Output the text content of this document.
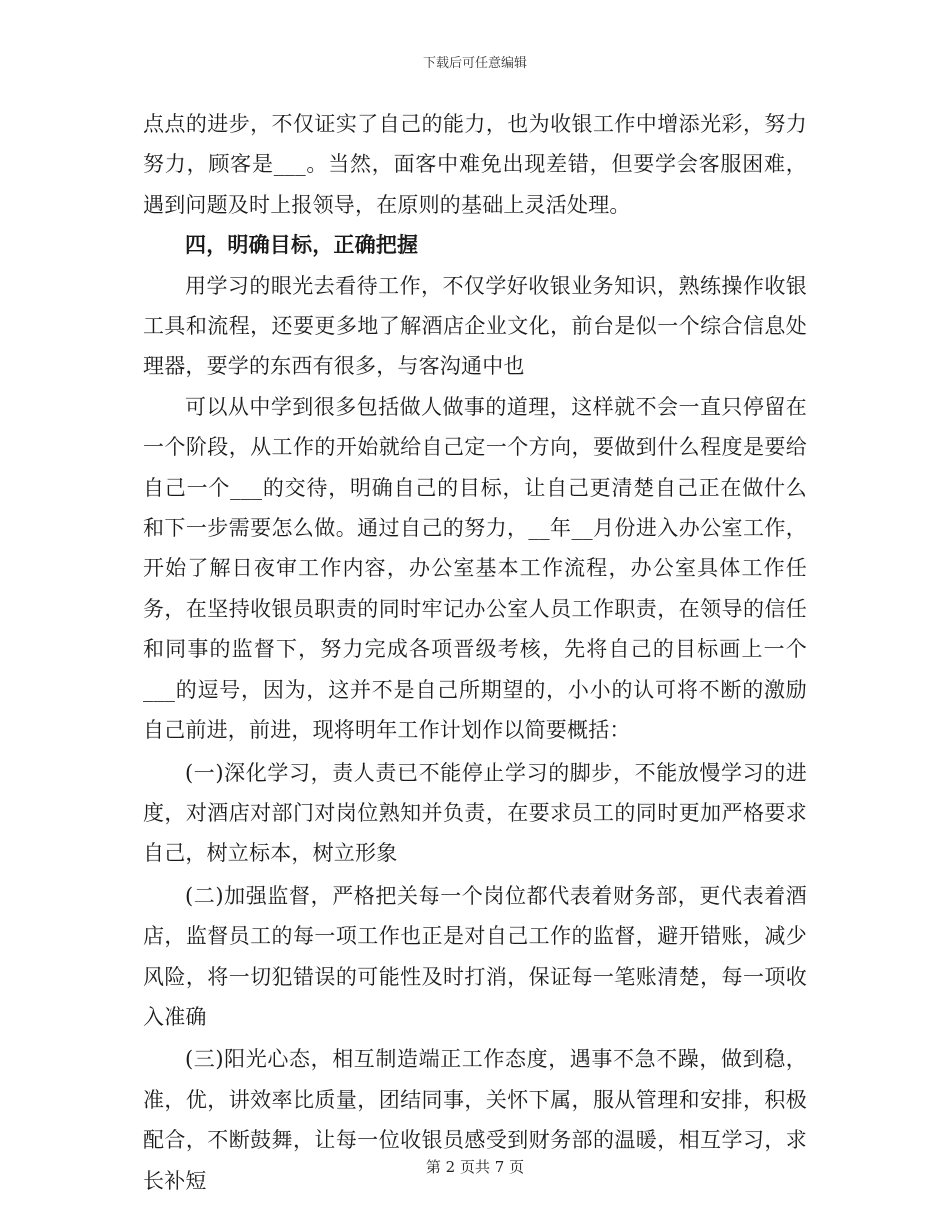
下载后可任意编辑

点点的进步，不仅证实了自己的能力，也为收银工作中增添光彩，努力努力，顾客是___。当然，面客中难免出现差错，但要学会客服困难，遇到问题及时上报领导，在原则的基础上灵活处理。

四，明确目标，正确把握

用学习的眼光去看待工作，不仅学好收银业务知识，熟练操作收银工具和流程，还要更多地了解酒店企业文化，前台是似一个综合信息处理器，要学的东西有很多，与客沟通中也

可以从中学到很多包括做人做事的道理，这样就不会一直只停留在一个阶段，从工作的开始就给自己定一个方向，要做到什么程度是要给自己一个___的交待，明确自己的目标，让自己更清楚自己正在做什么和下一步需要怎么做。通过自己的努力，__年__月份进入办公室工作，开始了解日夜审工作内容，办公室基本工作流程，办公室具体工作任务，在坚持收银员职责的同时牢记办公室人员工作职责，在领导的信任和同事的监督下，努力完成各项晋级考核，先将自己的目标画上一个___的逗号，因为，这并不是自己所期望的，小小的认可将不断的激励自己前进，前进，现将明年工作计划作以简要概括：

(一)深化学习，责人责已不能停止学习的脚步，不能放慢学习的进度，对酒店对部门对岗位熟知并负责，在要求员工的同时更加严格要求自己，树立标本，树立形象

(二)加强监督，严格把关每一个岗位都代表着财务部，更代表着酒店，监督员工的每一项工作也正是对自己工作的监督，避开错账，减少风险，将一切犯错误的可能性及时打消，保证每一笔账清楚，每一项收入准确

(三)阳光心态，相互制造端正工作态度，遇事不急不躁，做到稳，准，优，讲效率比质量，团结同事，关怀下属，服从管理和安排，积极配合，不断鼓舞，让每一位收银员感受到财务部的温暖，相互学习，求长补短

第 2 页共 7 页
